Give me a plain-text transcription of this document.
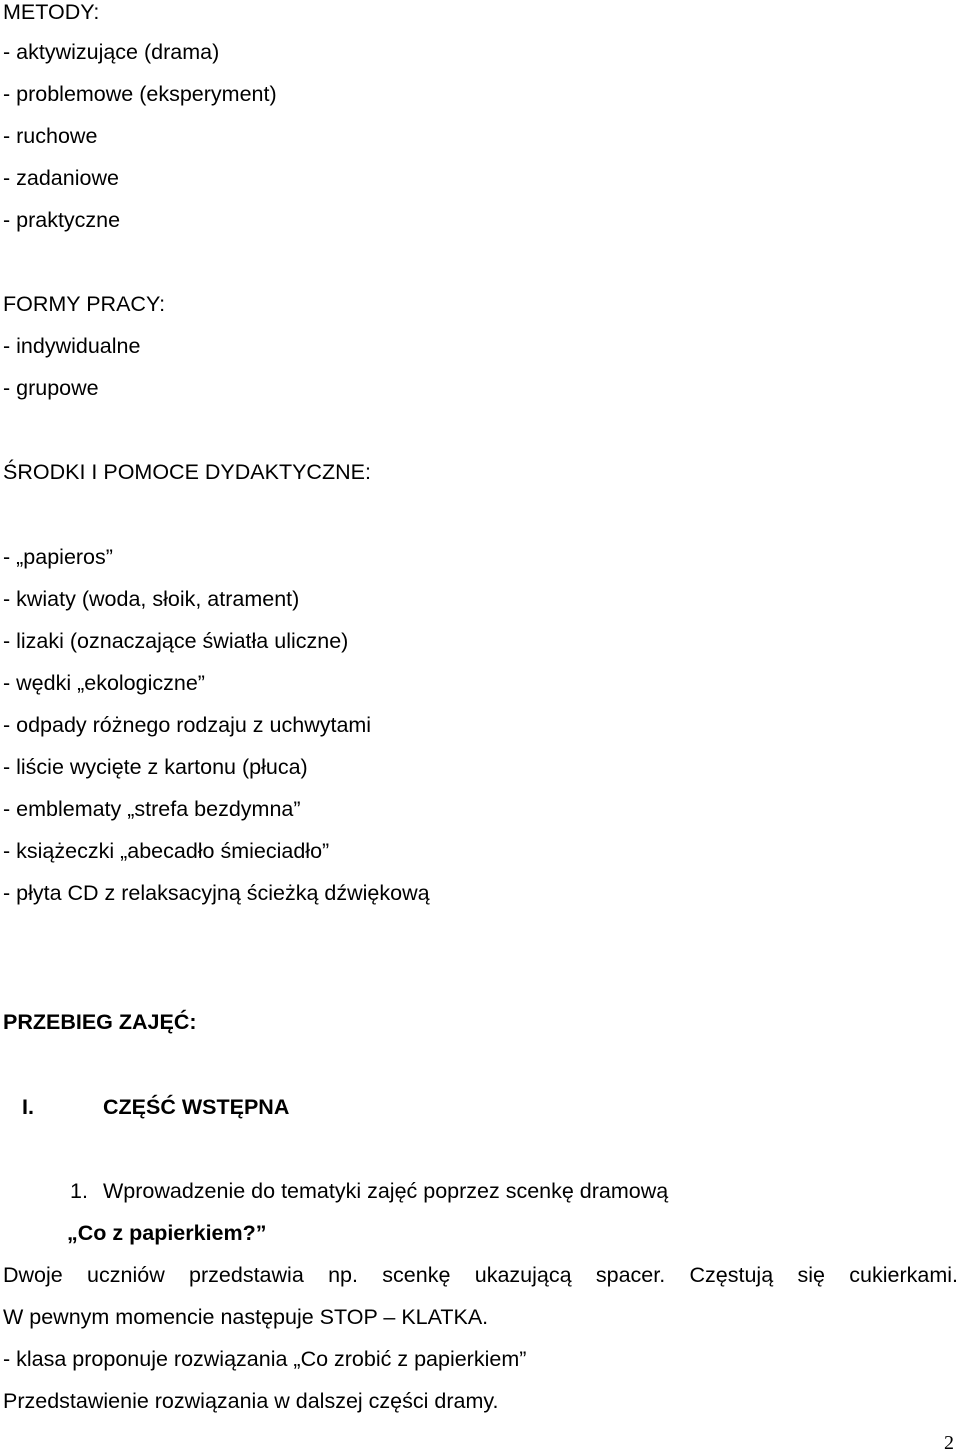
METODY:
- aktywizujące (drama)
- problemowe (eksperyment)
- ruchowe
- zadaniowe
- praktyczne
FORMY PRACY:
- indywidualne
- grupowe
ŚRODKI I POMOCE DYDAKTYCZNE:
- „papieros”
- kwiaty (woda, słoik, atrament)
- lizaki (oznaczające światła uliczne)
- wędki „ekologiczne”
- odpady różnego rodzaju z uchwytami
- liście wycięte z kartonu (płuca)
- emblematy „strefa bezdymna”
- książeczki „abecadło śmieciadło”
- płyta CD z relaksacyjną ścieżką dźwiękową
PRZEBIEG ZAJĘĆ:
I.	CZĘŚĆ WSTĘPNA
1. Wprowadzenie do tematyki zajęć poprzez scenkę dramową
„Co z papierkiem?”
Dwoje uczniów przedstawia np. scenkę ukazującą spacer. Częstują się cukierkami.
W pewnym momencie następuje STOP – KLATKA.
- klasa proponuje rozwiązania „Co zrobić z papierkiem”
Przedstawienie rozwiązania w dalszej części dramy.
2
